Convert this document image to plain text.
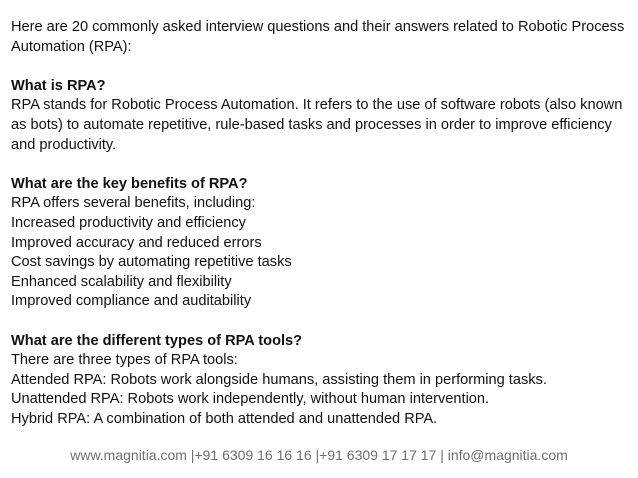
Here are 20 commonly asked interview questions and their answers related to Robotic Process Automation (RPA):

What is RPA?

RPA stands for Robotic Process Automation. It refers to the use of software robots (also known as bots) to automate repetitive, rule-based tasks and processes in order to improve efficiency and productivity.

What are the key benefits of RPA?

RPA offers several benefits, including:

Increased productivity and efficiency

Improved accuracy and reduced errors

Cost savings by automating repetitive tasks

Enhanced scalability and flexibility

Improved compliance and auditability

What are the different types of RPA tools?

There are three types of RPA tools:

Attended RPA: Robots work alongside humans, assisting them in performing tasks.

Unattended RPA: Robots work independently, without human intervention.

Hybrid RPA: A combination of both attended and unattended RPA.

www.magnitia.com |+91 6309 16 16 16 |+91 6309 17 17 17 | info@magnitia.com
